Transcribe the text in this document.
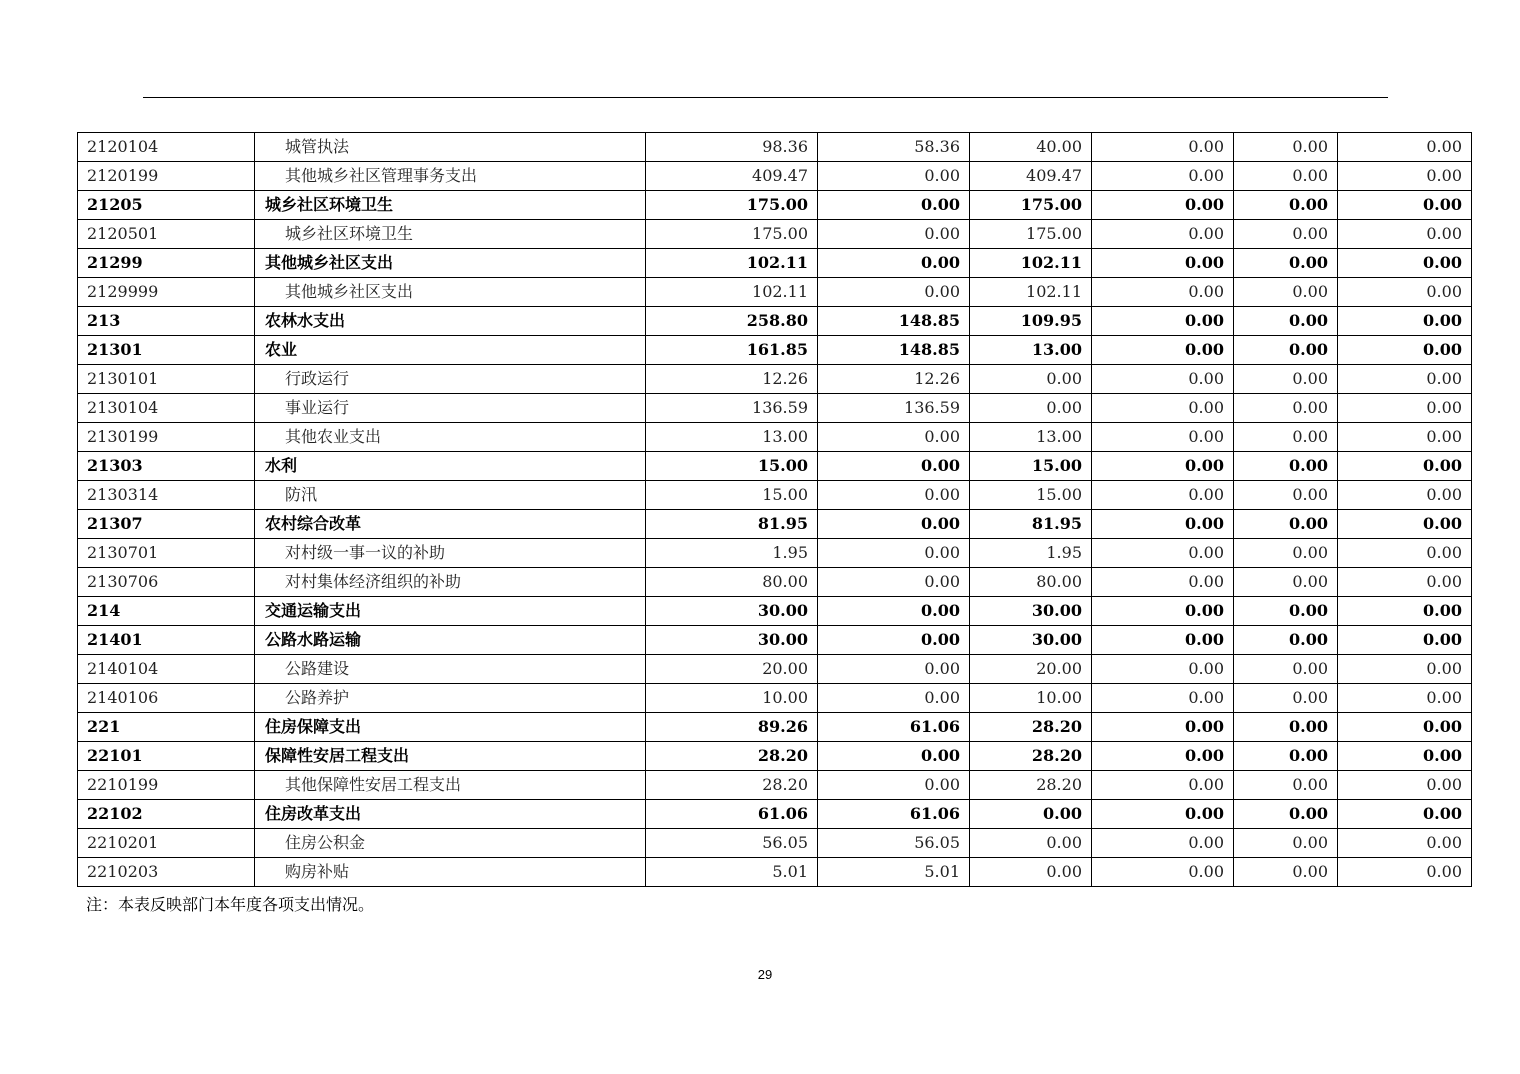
2120104	城管执法	98.36	58.36	40.00	0.00	0.00	0.00
2120199	其他城乡社区管理事务支出	409.47	0.00	409.47	0.00	0.00	0.00
21205	城乡社区环境卫生	175.00	0.00	175.00	0.00	0.00	0.00
2120501	城乡社区环境卫生	175.00	0.00	175.00	0.00	0.00	0.00
21299	其他城乡社区支出	102.11	0.00	102.11	0.00	0.00	0.00
2129999	其他城乡社区支出	102.11	0.00	102.11	0.00	0.00	0.00
213	农林水支出	258.80	148.85	109.95	0.00	0.00	0.00
21301	农业	161.85	148.85	13.00	0.00	0.00	0.00
2130101	行政运行	12.26	12.26	0.00	0.00	0.00	0.00
2130104	事业运行	136.59	136.59	0.00	0.00	0.00	0.00
2130199	其他农业支出	13.00	0.00	13.00	0.00	0.00	0.00
21303	水利	15.00	0.00	15.00	0.00	0.00	0.00
2130314	防汛	15.00	0.00	15.00	0.00	0.00	0.00
21307	农村综合改革	81.95	0.00	81.95	0.00	0.00	0.00
2130701	对村级一事一议的补助	1.95	0.00	1.95	0.00	0.00	0.00
2130706	对村集体经济组织的补助	80.00	0.00	80.00	0.00	0.00	0.00
214	交通运输支出	30.00	0.00	30.00	0.00	0.00	0.00
21401	公路水路运输	30.00	0.00	30.00	0.00	0.00	0.00
2140104	公路建设	20.00	0.00	20.00	0.00	0.00	0.00
2140106	公路养护	10.00	0.00	10.00	0.00	0.00	0.00
221	住房保障支出	89.26	61.06	28.20	0.00	0.00	0.00
22101	保障性安居工程支出	28.20	0.00	28.20	0.00	0.00	0.00
2210199	其他保障性安居工程支出	28.20	0.00	28.20	0.00	0.00	0.00
22102	住房改革支出	61.06	61.06	0.00	0.00	0.00	0.00
2210201	住房公积金	56.05	56.05	0.00	0.00	0.00	0.00
2210203	购房补贴	5.01	5.01	0.00	0.00	0.00	0.00
注：本表反映部门本年度各项支出情况。
29
